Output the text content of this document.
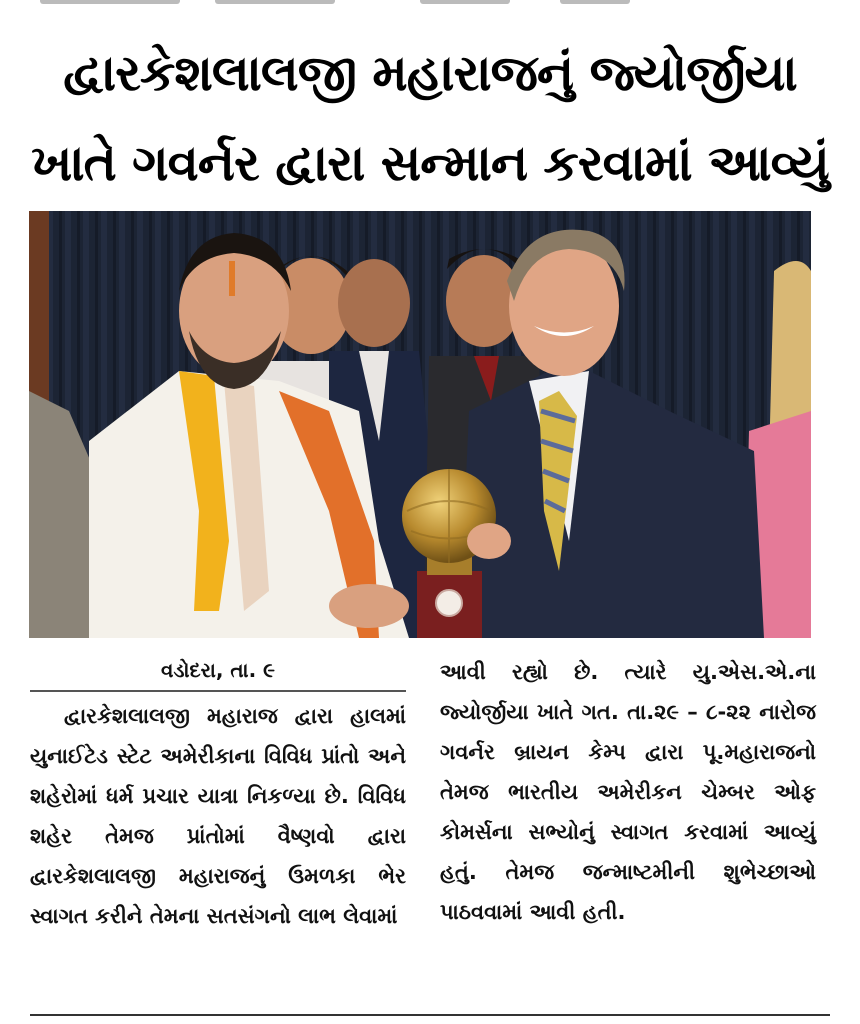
દ્વારકેશલાલજી મહારાજનું જ્યોર્જીયા
ખાતે ગવર્નર દ્વારા સન્માન કરવામાં આવ્યું
વડોદરા, તા. ૯

દ્વારકેશલાલજી મહારાજ દ્વારા હાલમાં યુનાઈટેડ સ્ટેટ અમેરીકાના વિવિધ પ્રાંતો અને શહેરોમાં ધર્મ પ્રચાર યાત્રા નિકળ્યા છે. વિવિધ શહેર તેમજ પ્રાંતોમાં વૈષ્ણવો દ્વારા દ્વારકેશલાલજી મહારાજનું ઉમળકા ભેર સ્વાગત કરીને તેમના સતસંગનો લાભ લેવામાં

આવી રહ્યો છે. ત્યારે યુ.એસ.એ.ના જ્યોર્જીયા ખાતે ગત. તા.૨૯ – ૮-૨૨ નારોજ ગવર્નર બ્રાયન કેમ્પ દ્વારા પૂ.મહારાજનો તેમજ ભારતીય અમેરીકન ચેમ્બર ઓફ કોમર્સના સભ્યોનું સ્વાગત કરવામાં આવ્યું હતું. તેમજ જન્માષ્ટમીની શુભેચ્છાઓ પાઠવવામાં આવી હતી.
